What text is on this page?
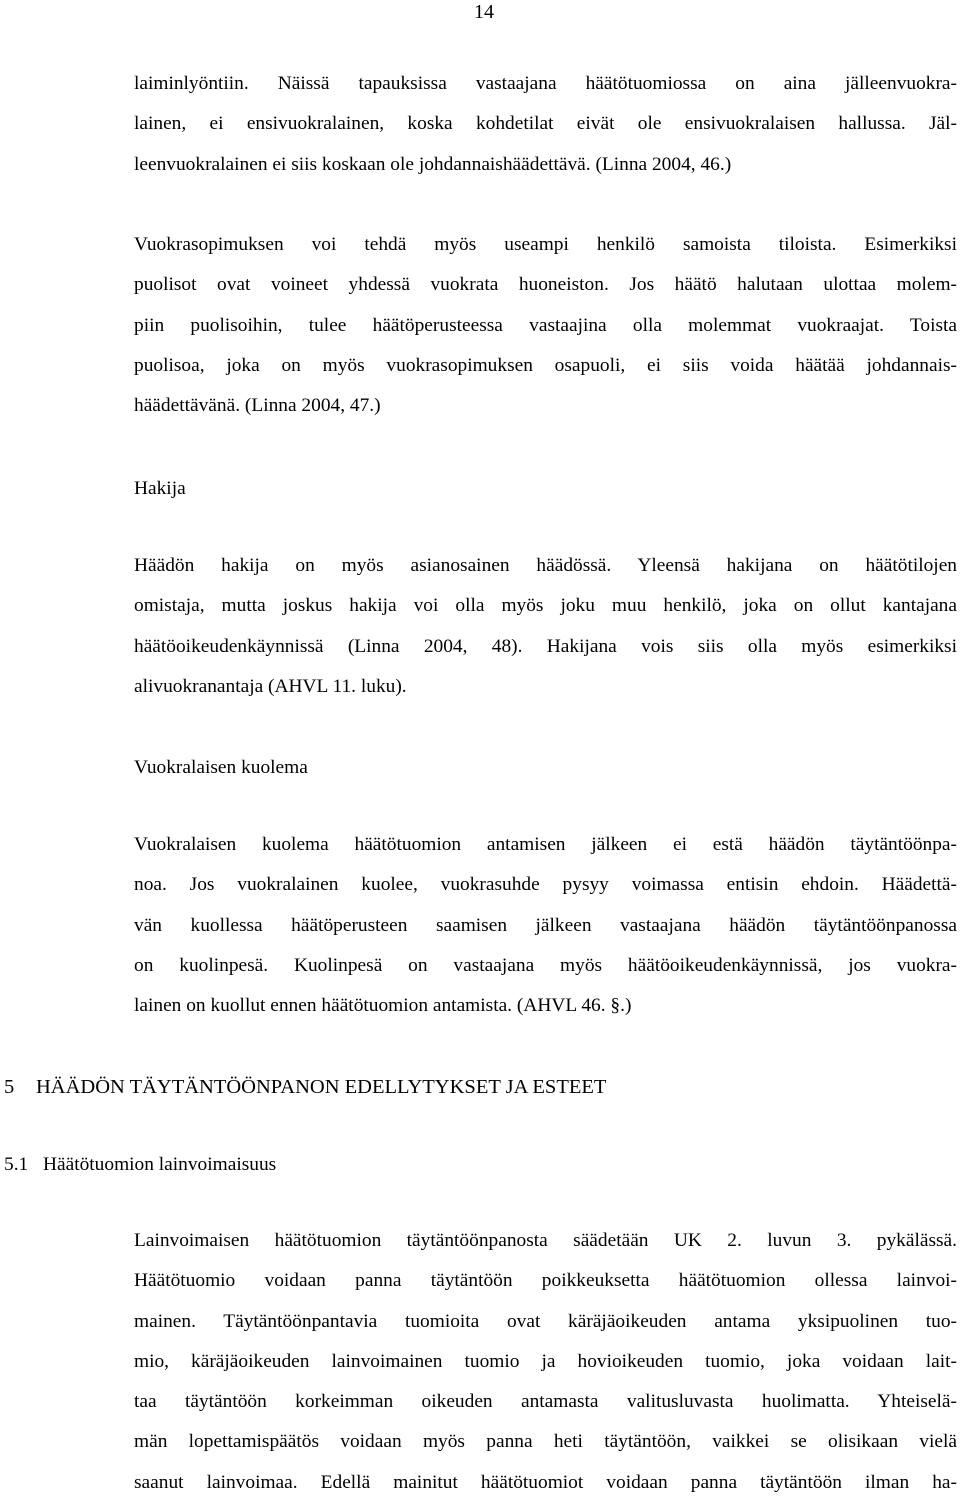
14
laiminlyöntiin. Näissä tapauksissa vastaajana häätötuomiossa on aina jälleenvuokra-
lainen, ei ensivuokralainen, koska kohdetilat eivät ole ensivuokralaisen hallussa. Jäl-
leenvuokralainen ei siis koskaan ole johdannaishäädettävä. (Linna 2004, 46.)
Vuokrasopimuksen voi tehdä myös useampi henkilö samoista tiloista. Esimerkiksi
puolisot ovat voineet yhdessä vuokrata huoneiston. Jos häätö halutaan ulottaa molem-
piin puolisoihin, tulee häätöperusteessa vastaajina olla molemmat vuokraajat. Toista
puolisoa, joka on myös vuokrasopimuksen osapuoli, ei siis voida häätää johdannais-
häädettävänä. (Linna 2004, 47.)
Hakija
Häädön hakija on myös asianosainen häädössä. Yleensä hakijana on häätötilojen
omistaja, mutta joskus hakija voi olla myös joku muu henkilö, joka on ollut kantajana
häätöoikeudenkäynnissä (Linna 2004, 48). Hakijana vois siis olla myös esimerkiksi
alivuokranantaja (AHVL 11. luku).
Vuokralaisen kuolema
Vuokralaisen kuolema häätötuomion antamisen jälkeen ei estä häädön täytäntöönpa-
noa. Jos vuokralainen kuolee, vuokrasuhde pysyy voimassa entisin ehdoin. Häädettä-
vän kuollessa häätöperusteen saamisen jälkeen vastaajana häädön täytäntöönpanossa
on kuolinpesä. Kuolinpesä on vastaajana myös häätöoikeudenkäynnissä, jos vuokra-
lainen on kuollut ennen häätötuomion antamista. (AHVL 46. §.)
5 HÄÄDÖN TÄYTÄNTÖÖNPANON EDELLYTYKSET JA ESTEET
5.1 Häätötuomion lainvoimaisuus
Lainvoimaisen häätötuomion täytäntöönpanosta säädetään UK 2. luvun 3. pykälässä.
Häätötuomio voidaan panna täytäntöön poikkeuksetta häätötuomion ollessa lainvoi-
mainen. Täytäntöönpantavia tuomioita ovat käräjäoikeuden antama yksipuolinen tuo-
mio, käräjäoikeuden lainvoimainen tuomio ja hovioikeuden tuomio, joka voidaan lait-
taa täytäntöön korkeimman oikeuden antamasta valitusluvasta huolimatta. Yhteiselä-
män lopettamispäätös voidaan myös panna heti täytäntöön, vaikkei se olisikaan vielä
saanut lainvoimaa. Edellä mainitut häätötuomiot voidaan panna täytäntöön ilman ha-
